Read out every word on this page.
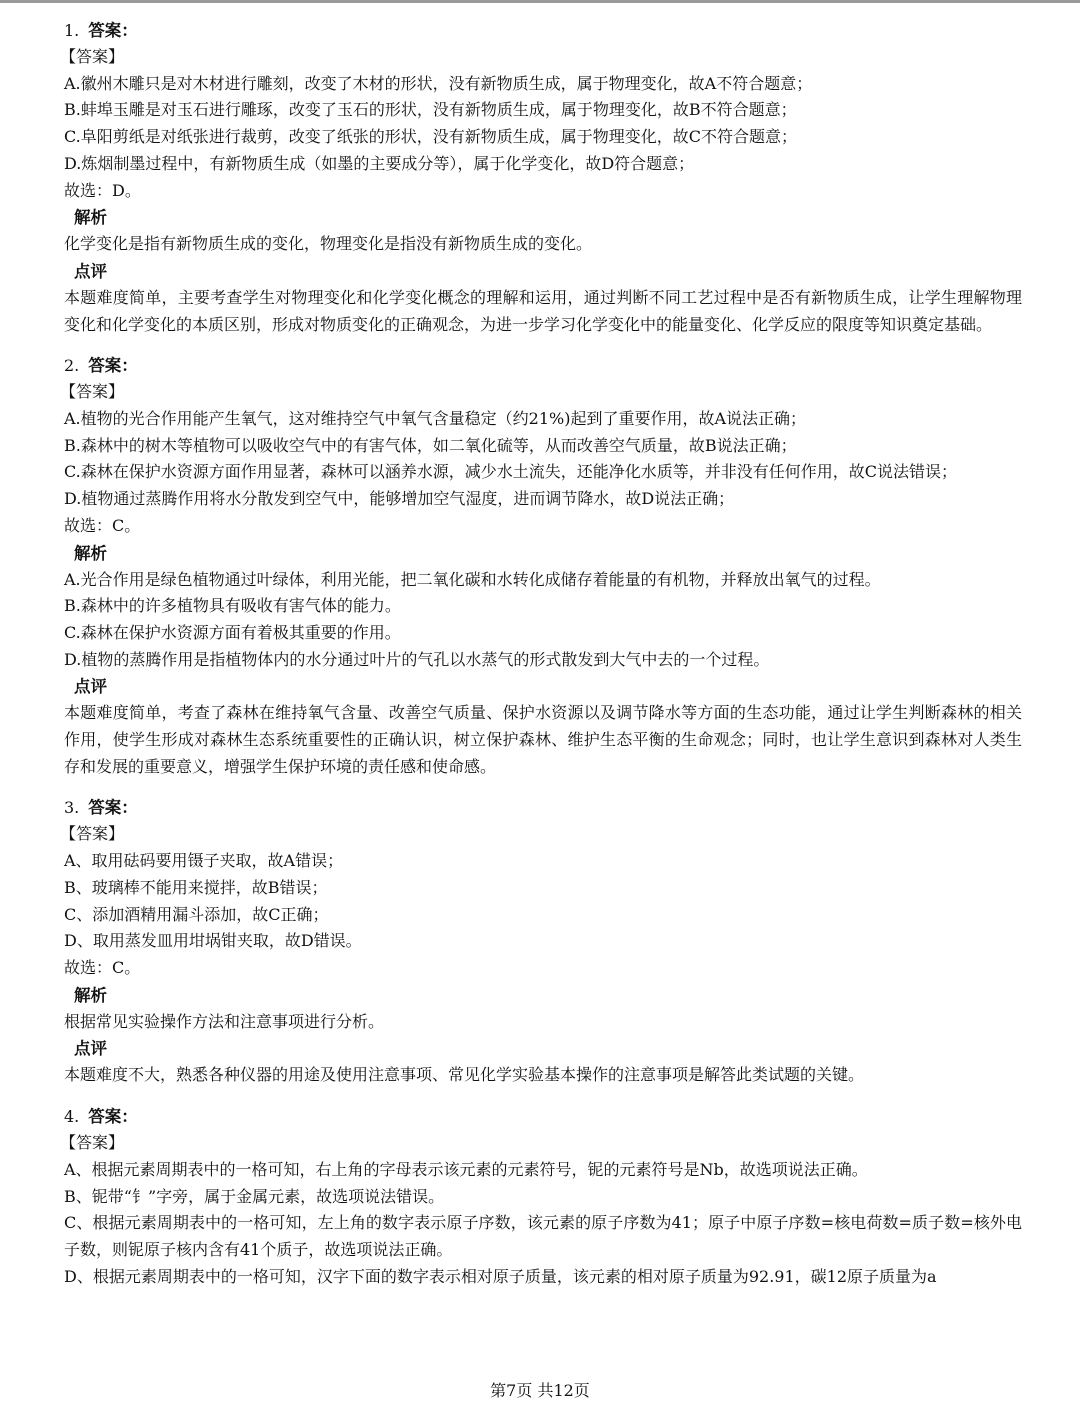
1. 答案：
【答案】
A.徽州木雕只是对木材进行雕刻，改变了木材的形状，没有新物质生成，属于物理变化，故A不符合题意；
B.蚌埠玉雕是对玉石进行雕琢，改变了玉石的形状，没有新物质生成，属于物理变化，故B不符合题意；
C.阜阳剪纸是对纸张进行裁剪，改变了纸张的形状，没有新物质生成，属于物理变化，故C不符合题意；
D.炼烟制墨过程中，有新物质生成（如墨的主要成分等），属于化学变化，故D符合题意；
故选：D。
解析
化学变化是指有新物质生成的变化，物理变化是指没有新物质生成的变化。
点评
本题难度简单，主要考查学生对物理变化和化学变化概念的理解和运用，通过判断不同工艺过程中是否有新物质生成，让学生理解物理变化和化学变化的本质区别，形成对物质变化的正确观念，为进一步学习化学变化中的能量变化、化学反应的限度等知识奠定基础。
2. 答案：
【答案】
A.植物的光合作用能产生氧气，这对维持空气中氧气含量稳定（约21%)起到了重要作用，故A说法正确；
B.森林中的树木等植物可以吸收空气中的有害气体，如二氧化硫等，从而改善空气质量，故B说法正确；
C.森林在保护水资源方面作用显著，森林可以涵养水源，减少水土流失，还能净化水质等，并非没有任何作用，故C说法错误；
D.植物通过蒸腾作用将水分散发到空气中，能够增加空气湿度，进而调节降水，故D说法正确；
故选：C。
解析
A.光合作用是绿色植物通过叶绿体，利用光能，把二氧化碳和水转化成储存着能量的有机物，并释放出氧气的过程。
B.森林中的许多植物具有吸收有害气体的能力。
C.森林在保护水资源方面有着极其重要的作用。
D.植物的蒸腾作用是指植物体内的水分通过叶片的气孔以水蒸气的形式散发到大气中去的一个过程。
点评
本题难度简单，考查了森林在维持氧气含量、改善空气质量、保护水资源以及调节降水等方面的生态功能，通过让学生判断森林的相关作用，使学生形成对森林生态系统重要性的正确认识，树立保护森林、维护生态平衡的生命观念；同时，也让学生意识到森林对人类生存和发展的重要意义，增强学生保护环境的责任感和使命感。
3. 答案：
【答案】
A、取用砝码要用镊子夹取，故A错误；
B、玻璃棒不能用来搅拌，故B错误；
C、添加酒精用漏斗添加，故C正确；
D、取用蒸发皿用坩埚钳夹取，故D错误。
故选：C。
解析
根据常见实验操作方法和注意事项进行分析。
点评
本题难度不大，熟悉各种仪器的用途及使用注意事项、常见化学实验基本操作的注意事项是解答此类试题的关键。
4. 答案：
【答案】
A、根据元素周期表中的一格可知，右上角的字母表示该元素的元素符号，铌的元素符号是Nb，故选项说法正确。
B、铌带“钅”字旁，属于金属元素，故选项说法错误。
C、根据元素周期表中的一格可知，左上角的数字表示原子序数，该元素的原子序数为41；原子中原子序数=核电荷数=质子数=核外电子数，则铌原子核内含有41个质子，故选项说法正确。
D、根据元素周期表中的一格可知，汉字下面的数字表示相对原子质量，该元素的相对原子质量为92.91，碳12原子质量为a
第7页 共12页
